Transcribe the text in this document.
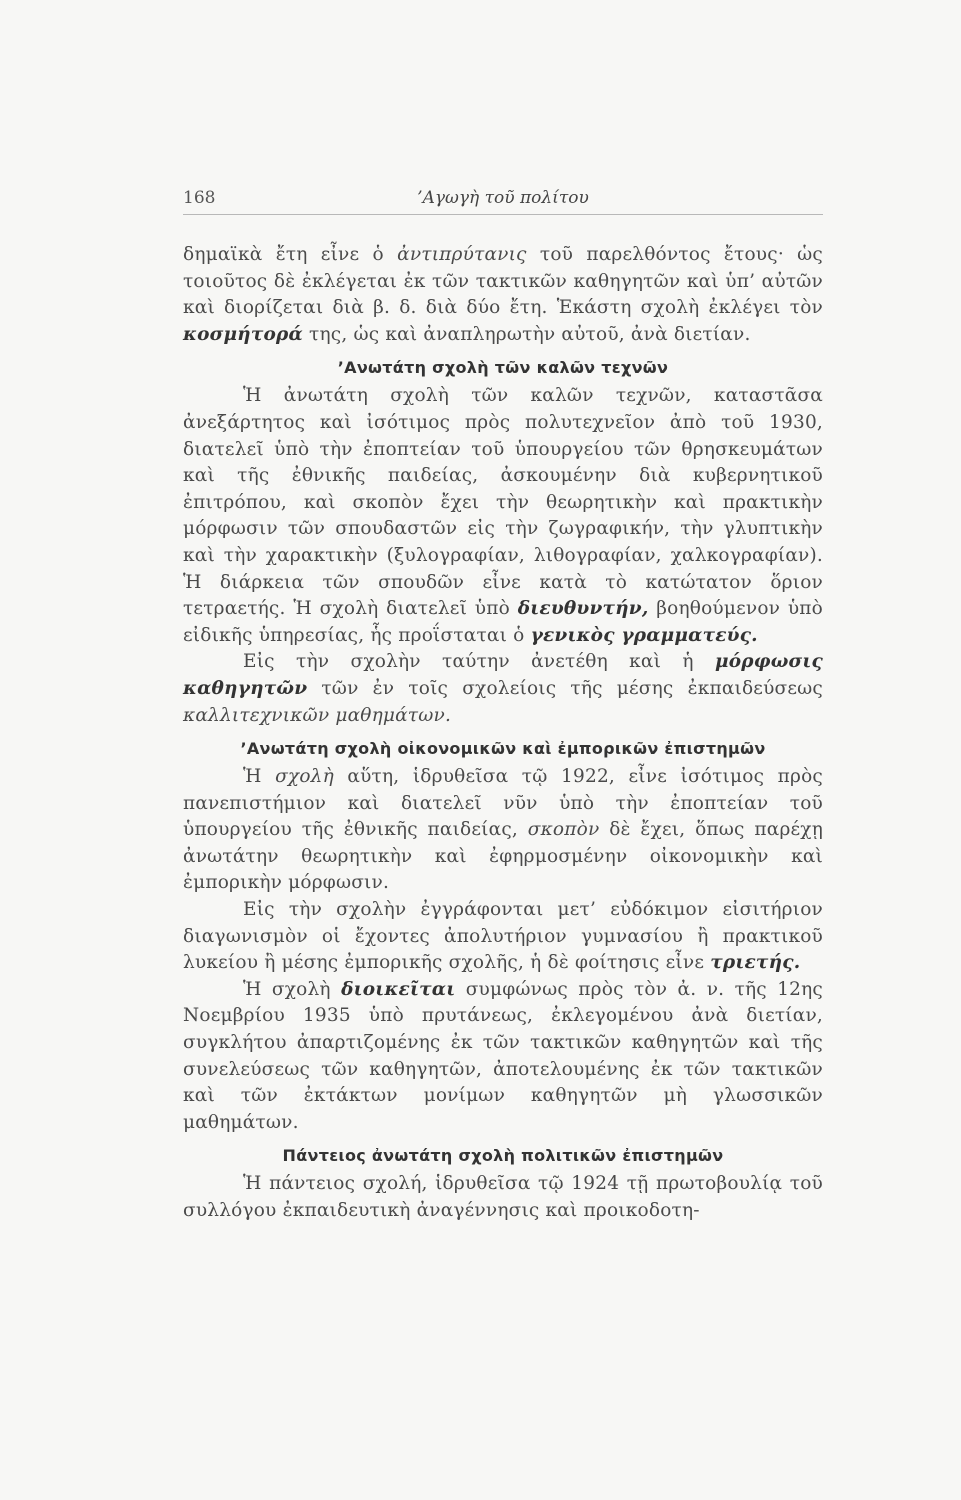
168	’Αγωγὴ τοῦ πολίτου

δημαϊκὰ ἔτη εἶνε ὁ ἀντιπρύτανις τοῦ παρελθόντος ἔτους· ὡς τοιοῦτος δὲ ἐκλέγεται ἐκ τῶν τακτικῶν καθηγητῶν καὶ ὑπ’ αὐτῶν καὶ διορίζεται διὰ β. δ. διὰ δύο ἔτη. Ἑκάστη σχολὴ ἐκλέγει τὸν κοσμήτορά της, ὡς καὶ ἀναπληρωτὴν αὐτοῦ, ἀνὰ διετίαν.

’Ανωτάτη σχολὴ τῶν καλῶν τεχνῶν

Ἡ ἀνωτάτη σχολὴ τῶν καλῶν τεχνῶν, καταστᾶσα ἀνεξάρτητος καὶ ἰσότιμος πρὸς πολυτεχνεῖον ἀπὸ τοῦ 1930, διατελεῖ ὑπὸ τὴν ἐποπτείαν τοῦ ὑπουργείου τῶν θρησκευμάτων καὶ τῆς ἐθνικῆς παιδείας, ἀσκουμένην διὰ κυβερνητικοῦ ἐπιτρόπου, καὶ σκοπὸν ἔχει τὴν θεωρητικὴν καὶ πρακτικὴν μόρφωσιν τῶν σπουδαστῶν εἰς τὴν ζωγραφικήν, τὴν γλυπτικὴν καὶ τὴν χαρακτικὴν (ξυλογραφίαν, λιθογραφίαν, χαλκογραφίαν). Ἡ διάρκεια τῶν σπουδῶν εἶνε κατὰ τὸ κατώτατον ὅριον τετραετής. Ἡ σχολὴ διατελεῖ ὑπὸ διευθυντήν, βοηθούμενον ὑπὸ εἰδικῆς ὑπηρεσίας, ἧς προΐσταται ὁ γενικὸς γραμματεύς.

Εἰς τὴν σχολὴν ταύτην ἀνετέθη καὶ ἡ μόρφωσις καθηγητῶν τῶν ἐν τοῖς σχολείοις τῆς μέσης ἐκπαιδεύσεως καλλιτεχνικῶν μαθημάτων.

’Ανωτάτη σχολὴ οἰκονομικῶν καὶ ἐμπορικῶν ἐπιστημῶν

Ἡ σχολὴ αὕτη, ἱδρυθεῖσα τῷ 1922, εἶνε ἰσότιμος πρὸς πανεπιστήμιον καὶ διατελεῖ νῦν ὑπὸ τὴν ἐποπτείαν τοῦ ὑπουργείου τῆς ἐθνικῆς παιδείας, σκοπὸν δὲ ἔχει, ὅπως παρέχῃ ἀνωτάτην θεωρητικὴν καὶ ἐφηρμοσμένην οἰκονομικὴν καὶ ἐμπορικὴν μόρφωσιν.

Εἰς τὴν σχολὴν ἐγγράφονται μετ’ εὐδόκιμον εἰσιτήριον διαγωνισμὸν οἱ ἔχοντες ἀπολυτήριον γυμνασίου ἢ πρακτικοῦ λυκείου ἢ μέσης ἐμπορικῆς σχολῆς, ἡ δὲ φοίτησις εἶνε τριετής.

Ἡ σχολὴ διοικεῖται συμφώνως πρὸς τὸν ἀ. ν. τῆς 12ης Νοεμβρίου 1935 ὑπὸ πρυτάνεως, ἐκλεγομένου ἀνὰ διετίαν, συγκλήτου ἀπαρτιζομένης ἐκ τῶν τακτικῶν καθηγητῶν καὶ τῆς συνελεύσεως τῶν καθηγητῶν, ἀποτελουμένης ἐκ τῶν τακτικῶν καὶ τῶν ἐκτάκτων μονίμων καθηγητῶν μὴ γλωσσικῶν μαθημάτων.

Πάντειος ἀνωτάτη σχολὴ πολιτικῶν ἐπιστημῶν

Ἡ πάντειος σχολή, ἱδρυθεῖσα τῷ 1924 τῇ πρωτοβουλίᾳ τοῦ συλλόγου ἐκπαιδευτικὴ ἀναγέννησις καὶ προικοδοτη-
